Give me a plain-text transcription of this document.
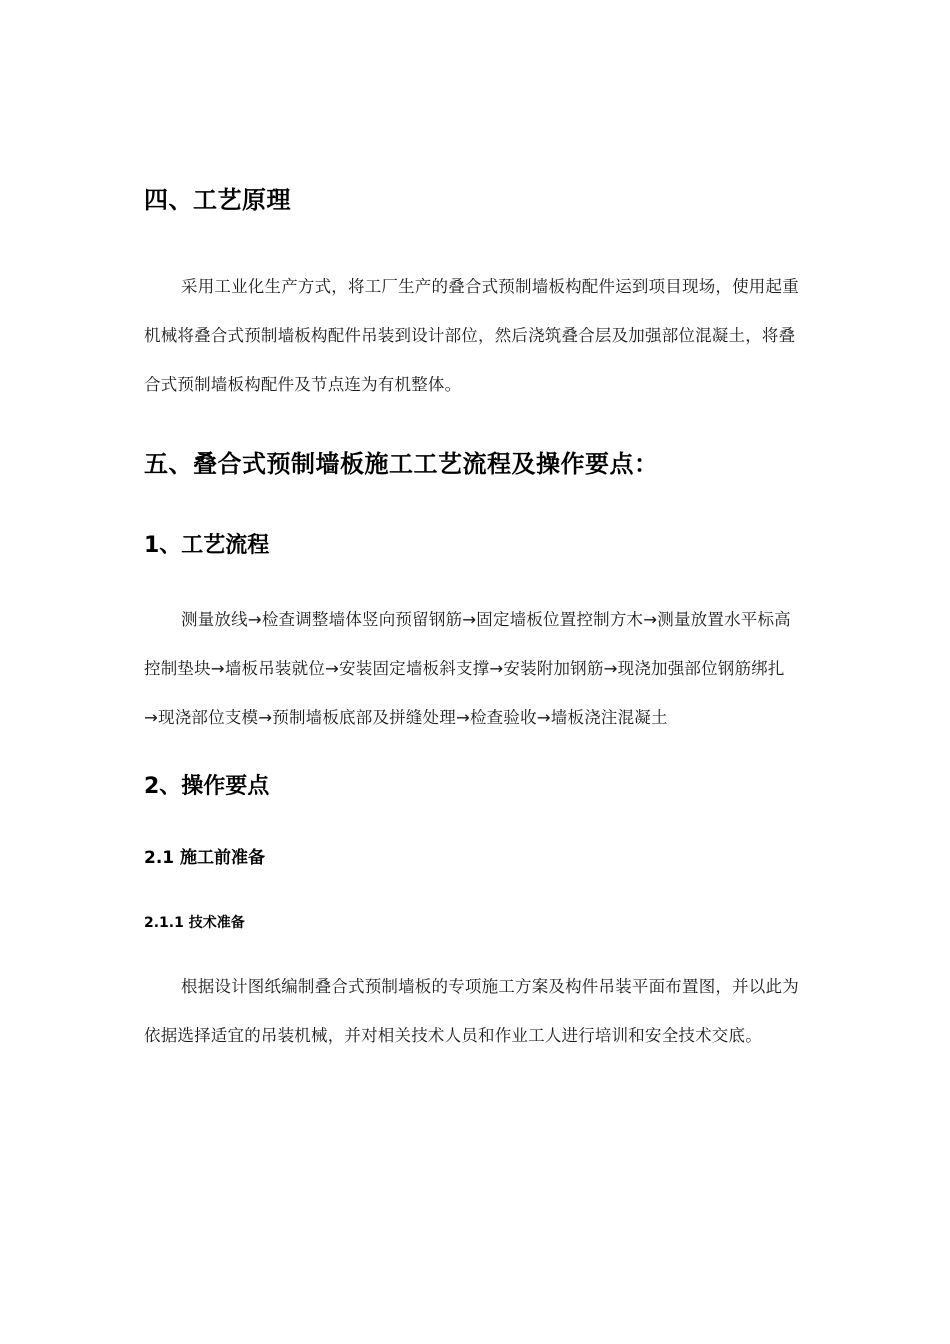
四、工艺原理
采用工业化生产方式，将工厂生产的叠合式预制墙板构配件运到项目现场，使用起重
机械将叠合式预制墙板构配件吊装到设计部位，然后浇筑叠合层及加强部位混凝土，将叠
合式预制墙板构配件及节点连为有机整体。
五、叠合式预制墙板施工工艺流程及操作要点：
1、工艺流程
测量放线→检查调整墙体竖向预留钢筋→固定墙板位置控制方木→测量放置水平标高
控制垫块→墙板吊装就位→安装固定墙板斜支撑→安装附加钢筋→现浇加强部位钢筋绑扎
→现浇部位支模→预制墙板底部及拼缝处理→检查验收→墙板浇注混凝土
2、操作要点
2.1 施工前准备
2.1.1 技术准备
根据设计图纸编制叠合式预制墙板的专项施工方案及构件吊装平面布置图，并以此为
依据选择适宜的吊装机械，并对相关技术人员和作业工人进行培训和安全技术交底。
